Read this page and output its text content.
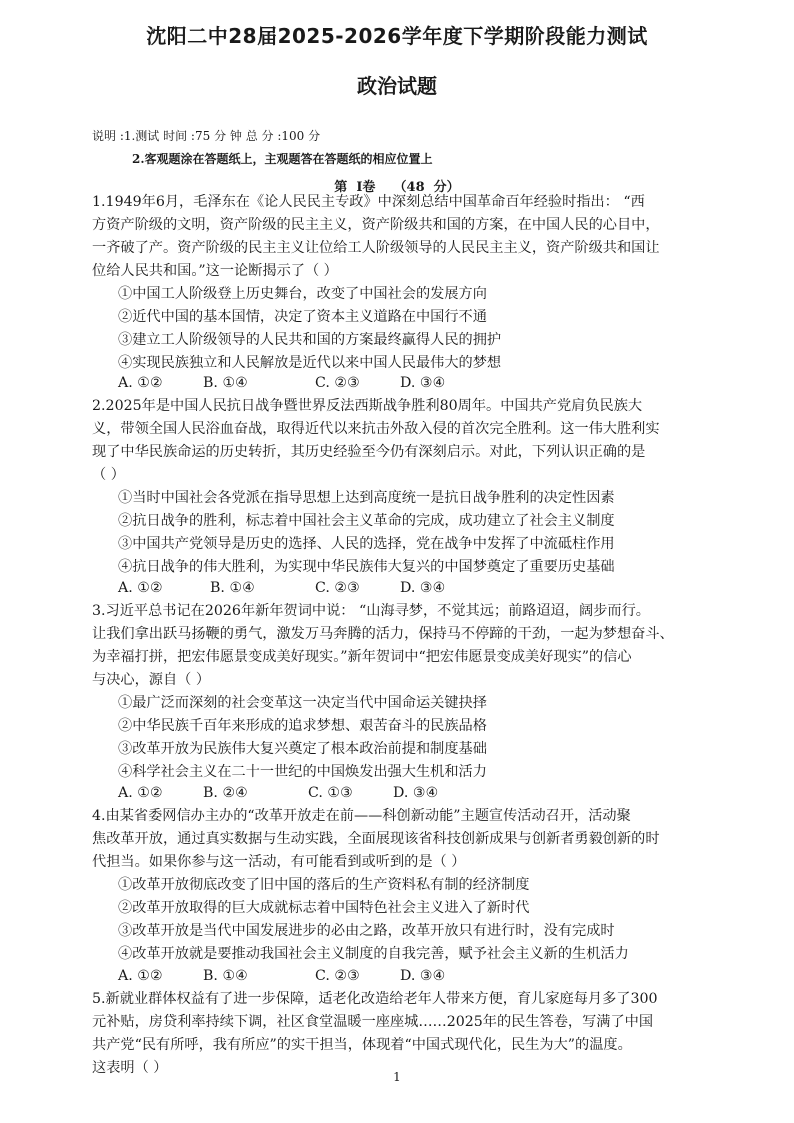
沈阳二中28届2025-2026学年度下学期阶段能力测试
政治试题
说明 :1.测试 时间 :75 分 钟 总 分 :100 分
2.客观题涂在答题纸上，主观题答在答题纸的相应位置上
第  Ⅰ卷    （48  分）
1.1949年6月，毛泽东在《论人民民主专政》中深刻总结中国革命百年经验时指出： “西
方资产阶级的文明，资产阶级的民主主义，资产阶级共和国的方案，在中国人民的心目中，
一齐破了产。资产阶级的民主主义让位给工人阶级领导的人民民主主义，资产阶级共和国让
位给人民共和国。”这一论断揭示了（ ）
①中国工人阶级登上历史舞台，改变了中国社会的发展方向
②近代中国的基本国情，决定了资本主义道路在中国行不通
③建立工人阶级领导的人民共和国的方案最终赢得人民的拥护
④实现民族独立和人民解放是近代以来中国人民最伟大的梦想
A. ①②	B. ①④	C. ②③	D. ③④
2.2025年是中国人民抗日战争暨世界反法西斯战争胜利80周年。中国共产党肩负民族大
义，带领全国人民浴血奋战，取得近代以来抗击外敌入侵的首次完全胜利。这一伟大胜利实
现了中华民族命运的历史转折，其历史经验至今仍有深刻启示。对此，下列认识正确的是
（ ）
①当时中国社会各党派在指导思想上达到高度统一是抗日战争胜利的决定性因素
②抗日战争的胜利，标志着中国社会主义革命的完成，成功建立了社会主义制度
③中国共产党领导是历史的选择、人民的选择，党在战争中发挥了中流砥柱作用
④抗日战争的伟大胜利，为实现中华民族伟大复兴的中国梦奠定了重要历史基础
A. ①②	B. ①④	C. ②③	D. ③④
3.习近平总书记在2026年新年贺词中说： “山海寻梦，不觉其远；前路迢迢，阔步而行。
让我们拿出跃马扬鞭的勇气，激发万马奔腾的活力，保持马不停蹄的干劲，一起为梦想奋斗、
为幸福打拼，把宏伟愿景变成美好现实。”新年贺词中“把宏伟愿景变成美好现实”的信心
与决心，源自（ ）
①最广泛而深刻的社会变革这一决定当代中国命运关键抉择
②中华民族千百年来形成的追求梦想、艰苦奋斗的民族品格
③改革开放为民族伟大复兴奠定了根本政治前提和制度基础
④科学社会主义在二十一世纪的中国焕发出强大生机和活力
A. ①②	B. ②④	C. ①③	D. ③④
4.由某省委网信办主办的“改革开放走在前——科创新动能”主题宣传活动召开，活动聚
焦改革开放，通过真实数据与生动实践，全面展现该省科技创新成果与创新者勇毅创新的时
代担当。如果你参与这一活动，有可能看到或听到的是（ ）
①改革开放彻底改变了旧中国的落后的生产资料私有制的经济制度
②改革开放取得的巨大成就标志着中国特色社会主义进入了新时代
③改革开放是当代中国发展进步的必由之路，改革开放只有进行时，没有完成时
④改革开放就是要推动我国社会主义制度的自我完善，赋予社会主义新的生机活力
A. ①②	B. ①④	C. ②③	D. ③④
5.新就业群体权益有了进一步保障，适老化改造给老年人带来方便，育儿家庭每月多了300
元补贴，房贷利率持续下调，社区食堂温暖一座座城……2025年的民生答卷，写满了中国
共产党“民有所呼，我有所应”的实干担当，体现着“中国式现代化，民生为大”的温度。
这表明（ ）
1
